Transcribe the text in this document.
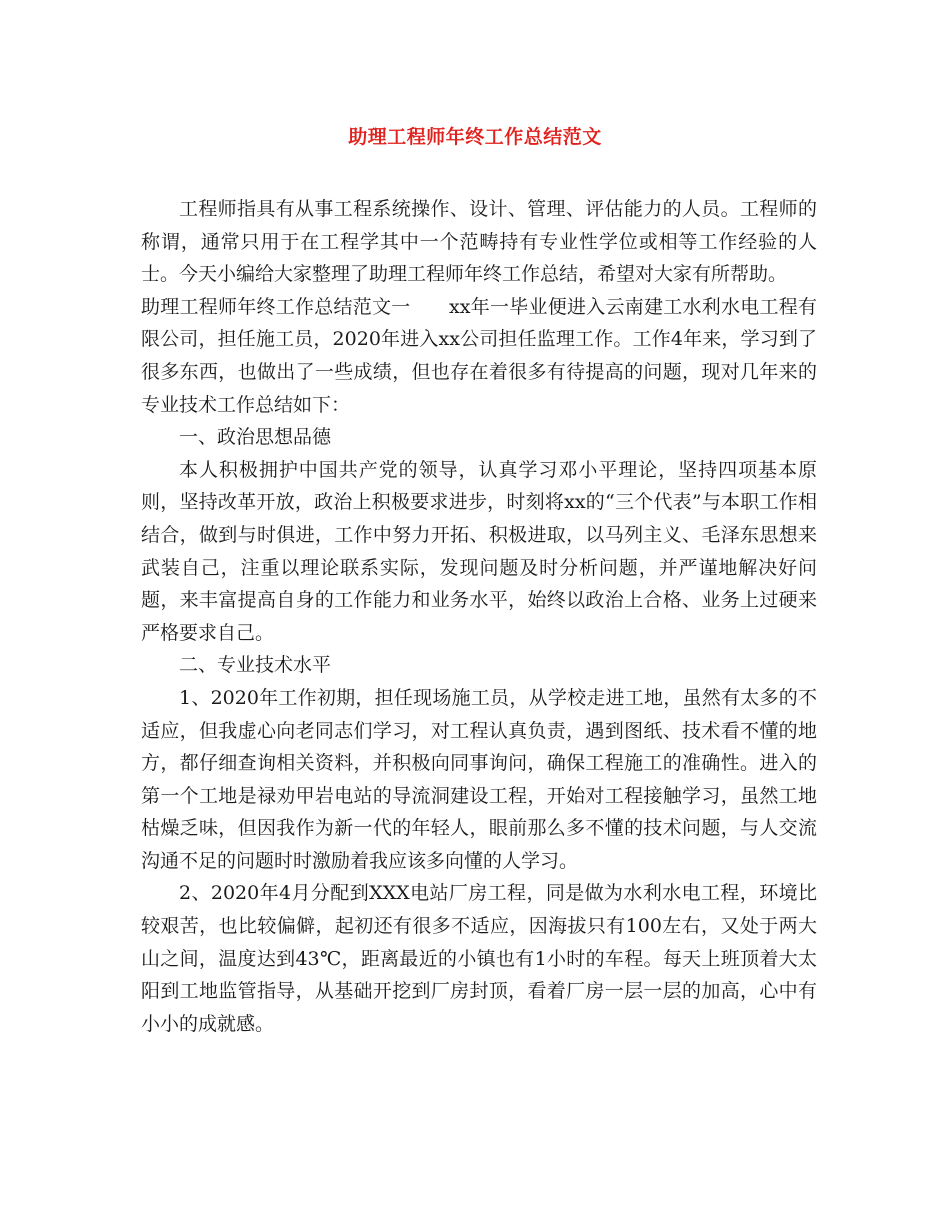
助理工程师年终工作总结范文

工程师指具有从事工程系统操作、设计、管理、评估能力的人员。工程师的称谓，通常只用于在工程学其中一个范畴持有专业性学位或相等工作经验的人士。今天小编给大家整理了助理工程师年终工作总结，希望对大家有所帮助。

助理工程师年终工作总结范文一　　xx年一毕业便进入云南建工水利水电工程有限公司，担任施工员，2020年进入xx公司担任监理工作。工作4年来，学习到了很多东西，也做出了一些成绩，但也存在着很多有待提高的问题，现对几年来的专业技术工作总结如下：

一、政治思想品德

本人积极拥护中国共产党的领导，认真学习邓小平理论，坚持四项基本原则，坚持改革开放，政治上积极要求进步，时刻将xx的“三个代表”与本职工作相结合，做到与时俱进，工作中努力开拓、积极进取，以马列主义、毛泽东思想来武装自己，注重以理论联系实际，发现问题及时分析问题，并严谨地解决好问题，来丰富提高自身的工作能力和业务水平，始终以政治上合格、业务上过硬来严格要求自己。

二、专业技术水平

1、2020年工作初期，担任现场施工员，从学校走进工地，虽然有太多的不适应，但我虚心向老同志们学习，对工程认真负责，遇到图纸、技术看不懂的地方，都仔细查询相关资料，并积极向同事询问，确保工程施工的准确性。进入的第一个工地是禄劝甲岩电站的导流洞建设工程，开始对工程接触学习，虽然工地枯燥乏味，但因我作为新一代的年轻人，眼前那么多不懂的技术问题，与人交流沟通不足的问题时时激励着我应该多向懂的人学习。

2、2020年4月分配到XXX电站厂房工程，同是做为水利水电工程，环境比较艰苦，也比较偏僻，起初还有很多不适应，因海拔只有100左右，又处于两大山之间，温度达到43℃，距离最近的小镇也有1小时的车程。每天上班顶着大太阳到工地监管指导，从基础开挖到厂房封顶，看着厂房一层一层的加高，心中有小小的成就感。
